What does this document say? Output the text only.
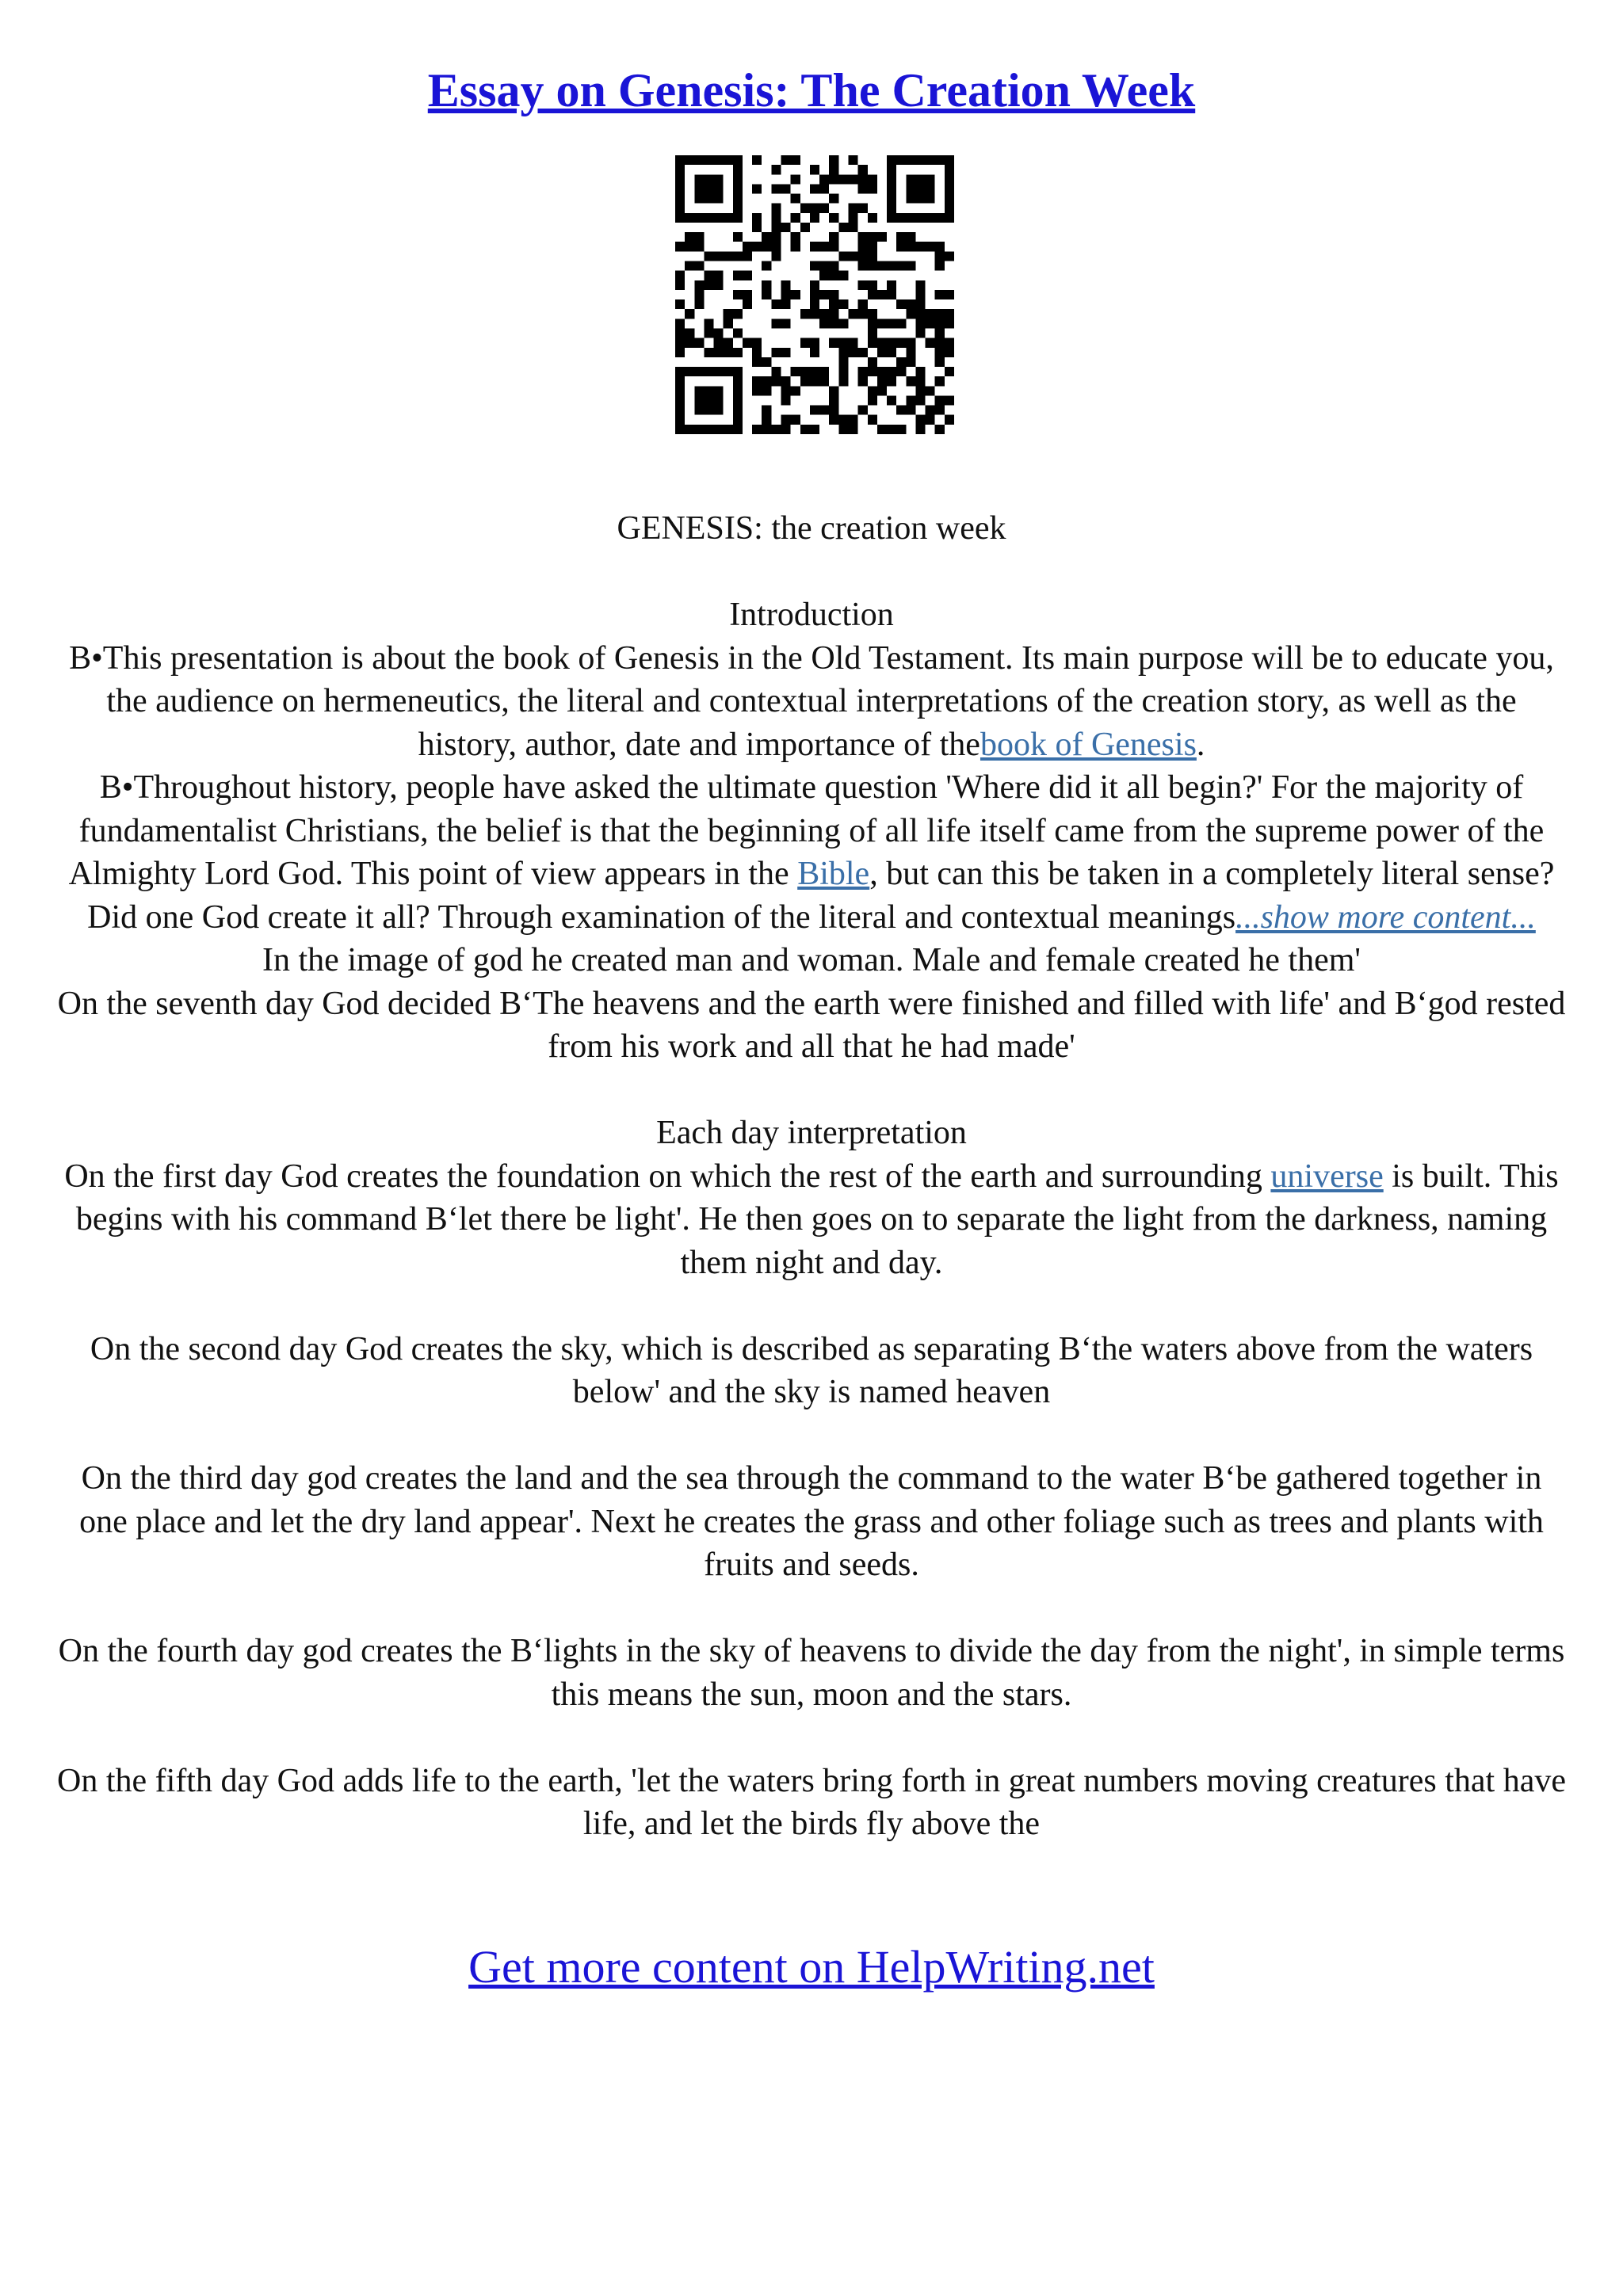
Essay on Genesis: The Creation Week

GENESIS: the creation week

Introduction

B•This presentation is about the book of Genesis in the Old Testament. Its main purpose will be to educate you, the audience on hermeneutics, the literal and contextual interpretations of the creation story, as well as the history, author, date and importance of thebook of Genesis.

B•Throughout history, people have asked the ultimate question 'Where did it all begin?' For the majority of fundamentalist Christians, the belief is that the beginning of all life itself came from the supreme power of the Almighty Lord God. This point of view appears in the Bible, but can this be taken in a completely literal sense? Did one God create it all? Through examination of the literal and contextual meanings...show more content...

In the image of god he created man and woman. Male and female created he them'

On the seventh day God decided B‘The heavens and the earth were finished and filled with life' and B‘god rested from his work and all that he had made'

Each day interpretation

On the first day God creates the foundation on which the rest of the earth and surrounding universe is built. This begins with his command B‘let there be light'. He then goes on to separate the light from the darkness, naming them night and day.

On the second day God creates the sky, which is described as separating B‘the waters above from the waters below' and the sky is named heaven

On the third day god creates the land and the sea through the command to the water B‘be gathered together in one place and let the dry land appear'. Next he creates the grass and other foliage such as trees and plants with fruits and seeds.

On the fourth day god creates the B‘lights in the sky of heavens to divide the day from the night', in simple terms this means the sun, moon and the stars.

On the fifth day God adds life to the earth, 'let the waters bring forth in great numbers moving creatures that have life, and let the birds fly above the

Get more content on HelpWriting.net
